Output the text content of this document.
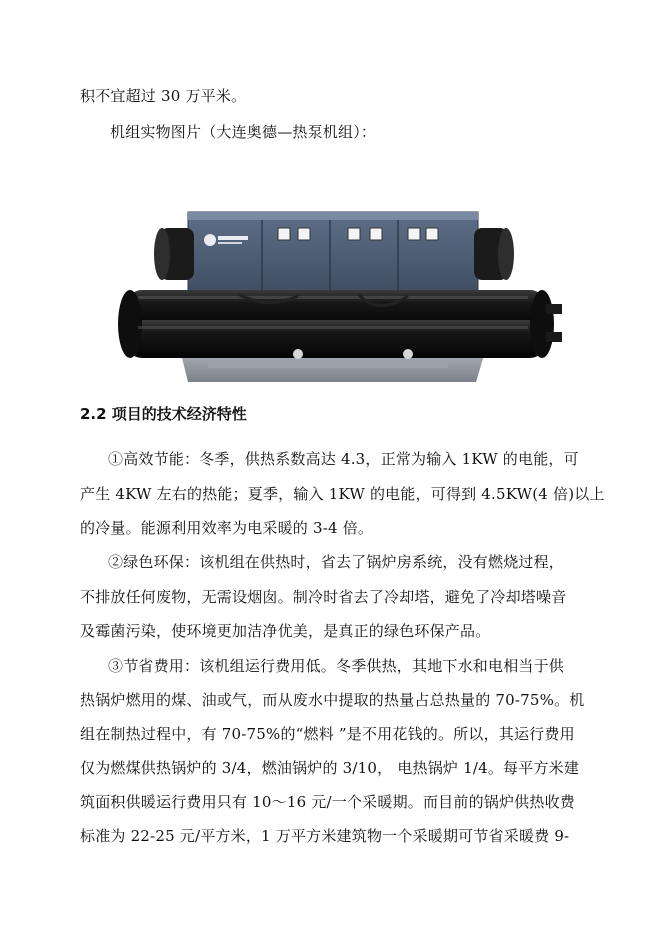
积不宜超过 30 万平米。
机组实物图片（大连奥德—热泵机组）：
2.2 项目的技术经济特性
①高效节能：冬季，供热系数高达 4.3，正常为输入 1KW 的电能，可
产生 4KW 左右的热能；夏季，输入 1KW 的电能，可得到 4.5KW(4 倍)以上
的冷量。能源利用效率为电采暖的 3-4 倍。
②绿色环保：该机组在供热时，省去了锅炉房系统，没有燃烧过程，
不排放任何废物，无需设烟囱。制冷时省去了冷却塔，避免了冷却塔噪音
及霉菌污染，使环境更加洁净优美，是真正的绿色环保产品。
③节省费用：该机组运行费用低。冬季供热，其地下水和电相当于供
热锅炉燃用的煤、油或气，而从废水中提取的热量占总热量的 70-75%。机
组在制热过程中，有 70-75%的“燃料 ”是不用花钱的。所以，其运行费用
仅为燃煤供热锅炉的 3/4，燃油锅炉的 3/10， 电热锅炉 1/4。每平方米建
筑面积供暖运行费用只有 10～16 元/一个采暖期。而目前的锅炉供热收费
标准为 22-25 元/平方米，1 万平方米建筑物一个采暖期可节省采暖费 9-
